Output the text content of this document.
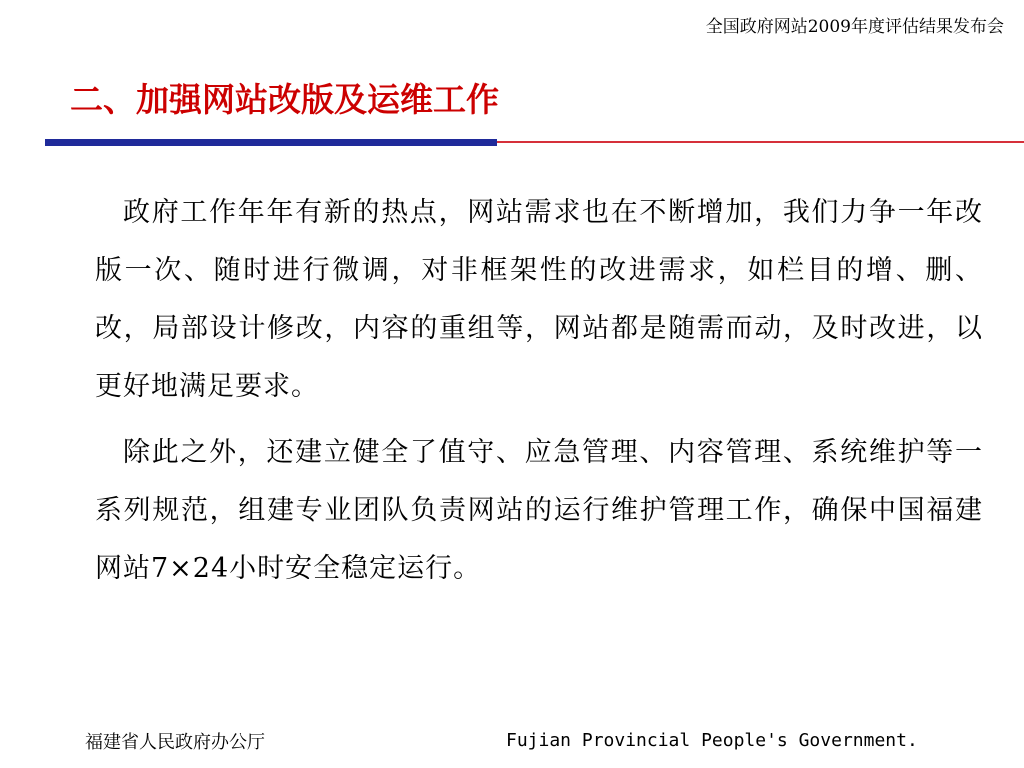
全国政府网站2009年度评估结果发布会
二、加强网站改版及运维工作

政府工作年年有新的热点，网站需求也在不断增加，我们力争一年改版一次、随时进行微调，对非框架性的改进需求，如栏目的增、删、改，局部设计修改，内容的重组等，网站都是随需而动，及时改进，以更好地满足要求。

除此之外，还建立健全了值守、应急管理、内容管理、系统维护等一系列规范，组建专业团队负责网站的运行维护管理工作，确保中国福建网站7×24小时安全稳定运行。

福建省人民政府办公厅	Fujian Provincial People's Government.
